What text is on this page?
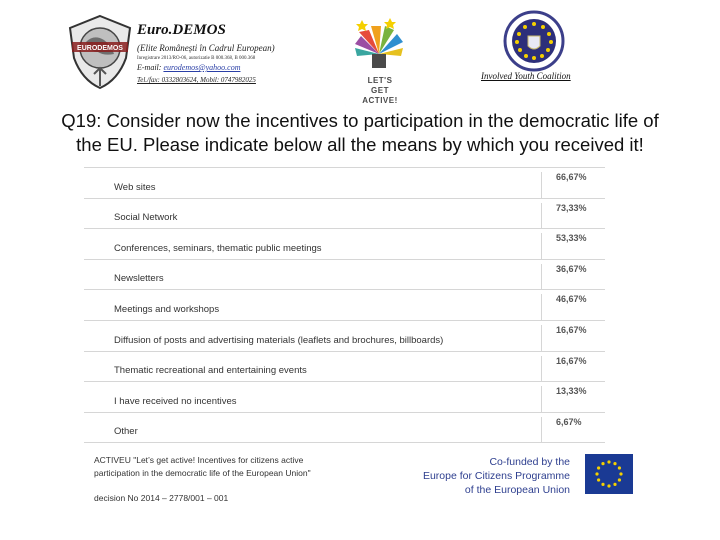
EURODEMOS
Euro.DEMOS
(Elite Românești în Cadrul European)
Inregistrare 2013/RO-06, autorizatie B 000.368, B 000.368
E-mail: eurodemos@yahoo.com
Tel./fax: 0332803624, Mobil: 0747982025	LET'S GET
ACTIVE!
Involved Youth Coalition
Q19: Consider now the incentives to participation in the democratic life of
the EU. Please indicate below all the means by which you received it!
Web sites
66,67%
Social Network
73,33%
Conferences, seminars, thematic public meetings
53,33%
Newsletters
36,67%
Meetings and workshops
46,67%
Diffusion of posts and advertising materials (leaflets and brochures, billboards)
16,67%
Thematic recreational and entertaining events
16,67%
I have received no incentives
13,33%
Other
6,67%
ACTIVEU "Let’s get active! Incentives for citizens active
participation in the democratic life of the European Union"
decision No 2014 – 2778/001 – 001
Co-funded by the
Europe for Citizens Programme
of the European Union
